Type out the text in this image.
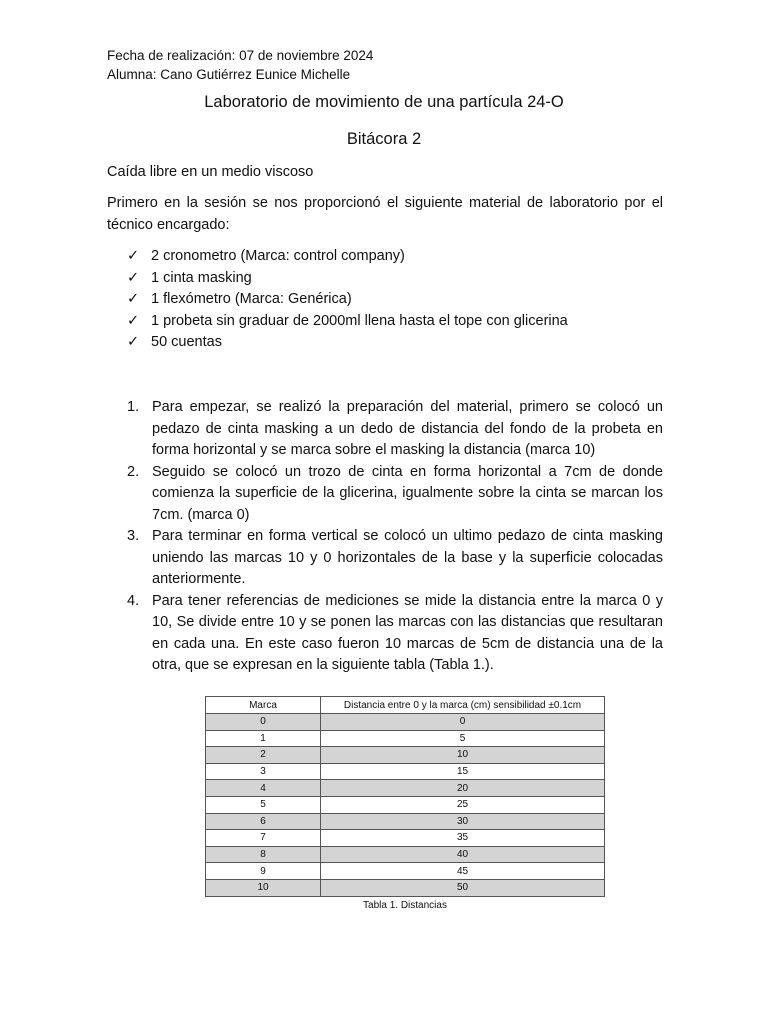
Fecha de realización: 07 de noviembre 2024
Alumna: Cano Gutiérrez Eunice Michelle
Laboratorio de movimiento de una partícula 24-O
Bitácora 2
Caída libre en un medio viscoso
Primero en la sesión se nos proporcionó el siguiente material de laboratorio por el técnico encargado:
✓ 2 cronometro (Marca: control company)
✓ 1 cinta masking
✓ 1 flexómetro (Marca: Genérica)
✓ 1 probeta sin graduar de 2000ml llena hasta el tope con glicerina
✓ 50 cuentas
1. Para empezar, se realizó la preparación del material, primero se colocó un pedazo de cinta masking a un dedo de distancia del fondo de la probeta en forma horizontal y se marca sobre el masking la distancia (marca 10)
2. Seguido se colocó un trozo de cinta en forma horizontal a 7cm de donde comienza la superficie de la glicerina, igualmente sobre la cinta se marcan los 7cm. (marca 0)
3. Para terminar en forma vertical se colocó un ultimo pedazo de cinta masking uniendo las marcas 10 y 0 horizontales de la base y la superficie colocadas anteriormente.
4. Para tener referencias de mediciones se mide la distancia entre la marca 0 y 10, Se divide entre 10 y se ponen las marcas con las distancias que resultaran en cada una. En este caso fueron 10 marcas de 5cm de distancia una de la otra, que se expresan en la siguiente tabla (Tabla 1.).
Marca	Distancia entre 0 y la marca (cm) sensibilidad ±0.1cm
0	0
1	5
2	10
3	15
4	20
5	25
6	30
7	35
8	40
9	45
10	50
Tabla 1. Distancias
